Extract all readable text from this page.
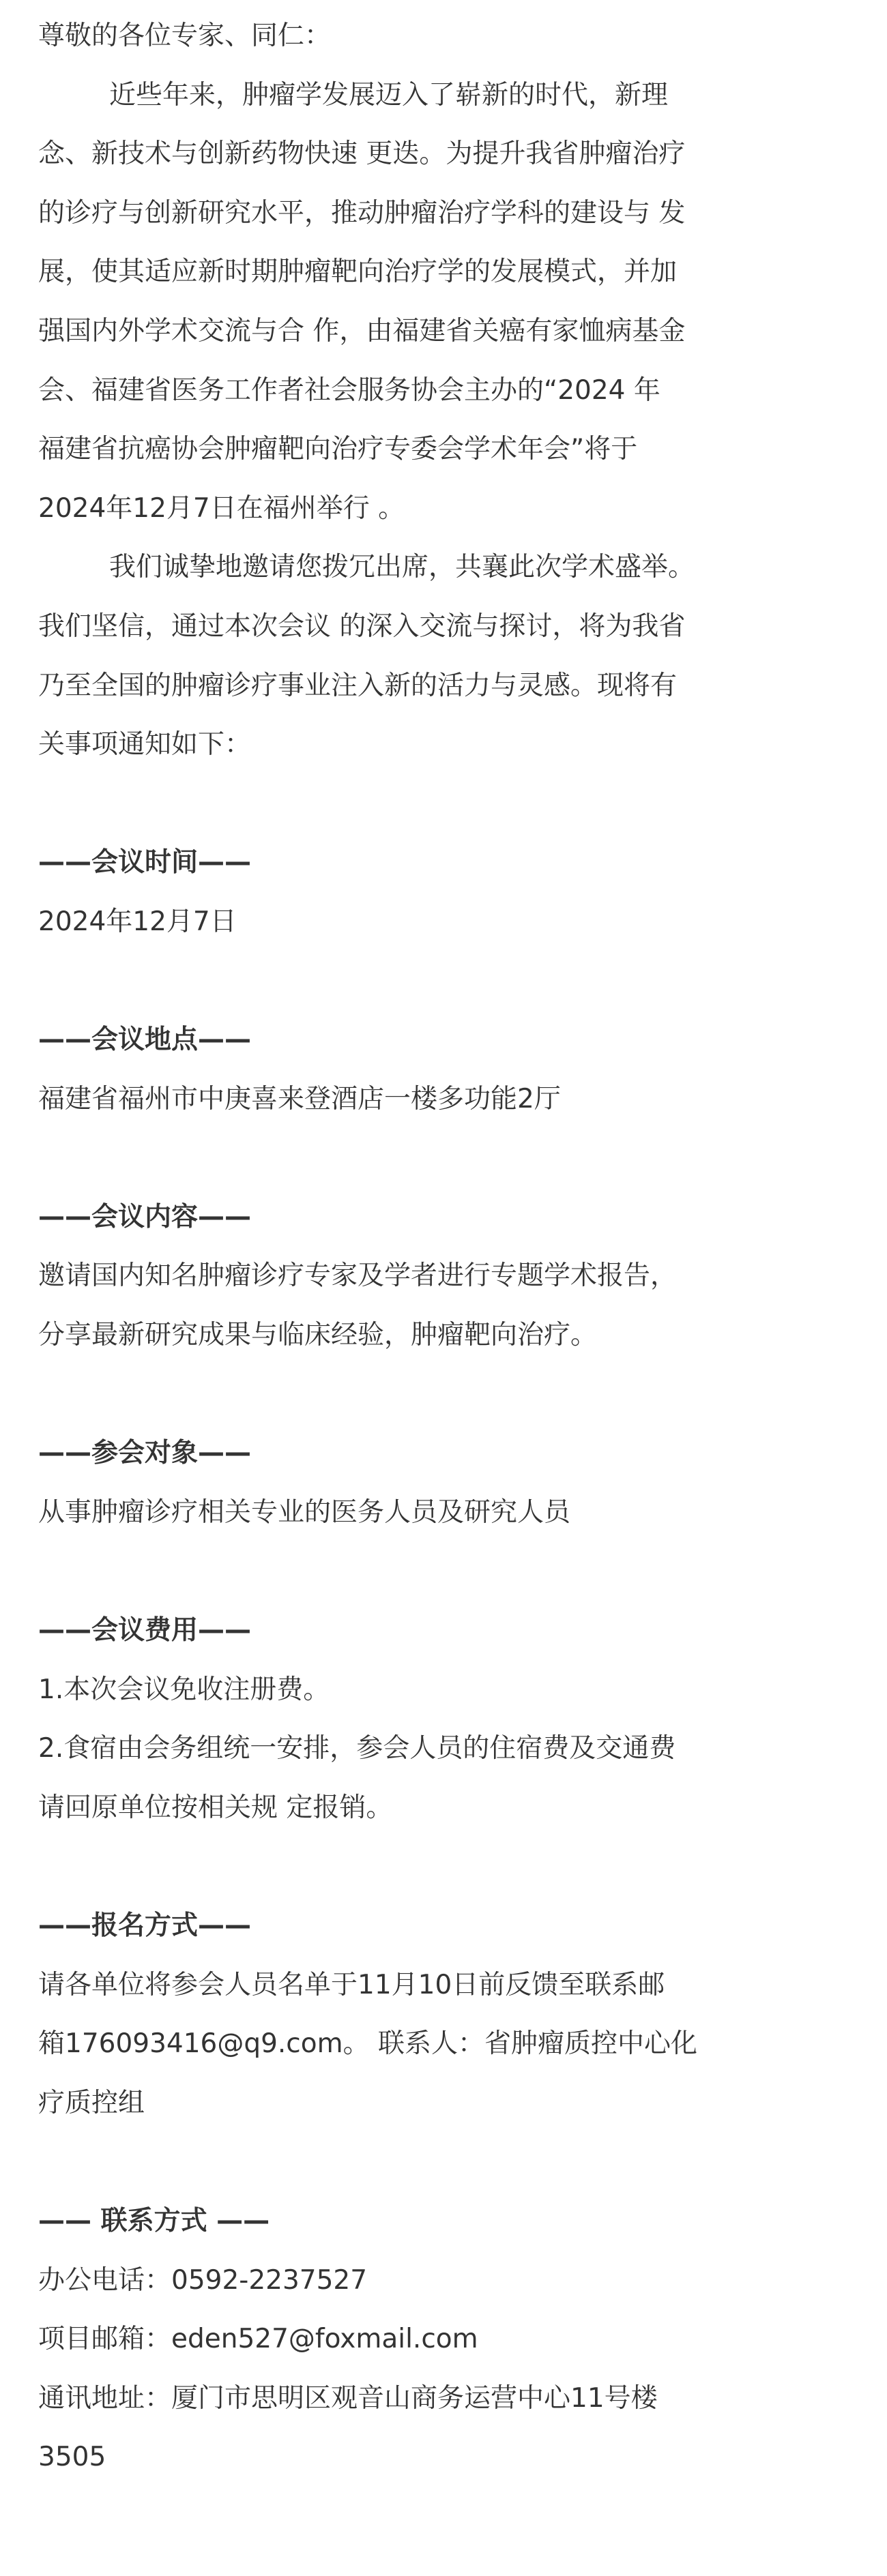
尊敬的各位专家、同仁：

近些年来，肿瘤学发展迈入了崭新的时代，新理

念、新技术与创新药物快速 更迭。为提升我省肿瘤治疗

的诊疗与创新研究水平，推动肿瘤治疗学科的建设与 发

展，使其适应新时期肿瘤靶向治疗学的发展模式，并加

强国内外学术交流与合 作，由福建省关癌有家恤病基金

会、福建省医务工作者社会服务协会主办的“2024 年

福建省抗癌协会肿瘤靶向治疗专委会学术年会”将于

2024年12月7日在福州举行 。

我们诚挚地邀请您拨冗出席，共襄此次学术盛举。

我们坚信，通过本次会议 的深入交流与探讨，将为我省

乃至全国的肿瘤诊疗事业注入新的活力与灵感。现将有

关事项通知如下：

——会议时间——

2024年12月7日

——会议地点——

福建省福州市中庚喜来登酒店一楼多功能2厅

——会议内容——

邀请国内知名肿瘤诊疗专家及学者进行专题学术报告，

分享最新研究成果与临床经验，肿瘤靶向治疗。

——参会对象——

从事肿瘤诊疗相关专业的医务人员及研究人员

——会议费用——

1.本次会议免收注册费。

2.食宿由会务组统一安排，参会人员的住宿费及交通费

请回原单位按相关规 定报销。

——报名方式——

请各单位将参会人员名单于11月10日前反馈至联系邮

箱176093416@q9.com。 联系人：省肿瘤质控中心化

疗质控组

—— 联系方式 ——

办公电话：0592-2237527

项目邮箱：eden527@foxmail.com

通讯地址：厦门市思明区观音山商务运营中心11号楼

3505
